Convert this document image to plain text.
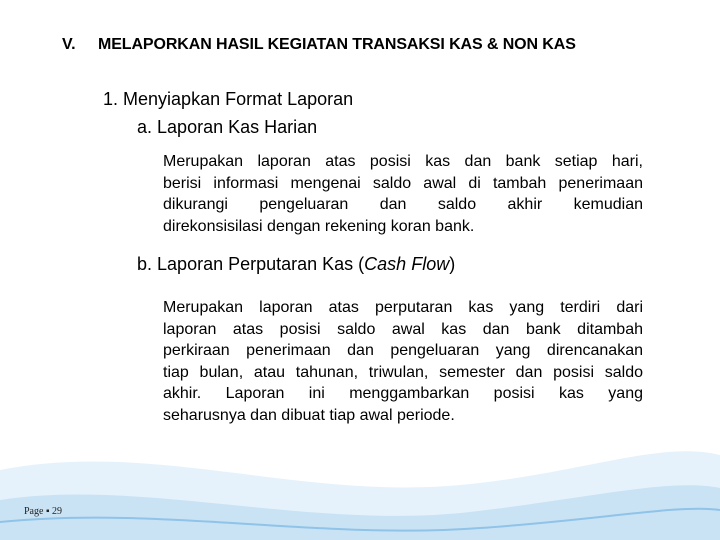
V. MELAPORKAN HASIL KEGIATAN TRANSAKSI KAS & NON KAS
1. Menyiapkan Format Laporan
a. Laporan Kas Harian
Merupakan laporan atas posisi kas dan bank setiap hari,
berisi informasi mengenai saldo awal di tambah penerimaan
dikurangi pengeluaran dan saldo akhir kemudian
direkonsisilasi dengan rekening koran bank.
b. Laporan Perputaran Kas (Cash Flow)
Merupakan laporan atas perputaran kas yang terdiri dari
laporan atas posisi saldo awal kas dan bank ditambah
perkiraan penerimaan dan pengeluaran yang direncanakan
tiap bulan, atau tahunan, triwulan, semester dan posisi saldo
akhir. Laporan ini menggambarkan posisi kas yang
seharusnya dan dibuat tiap awal periode.
Page ▪ 29
